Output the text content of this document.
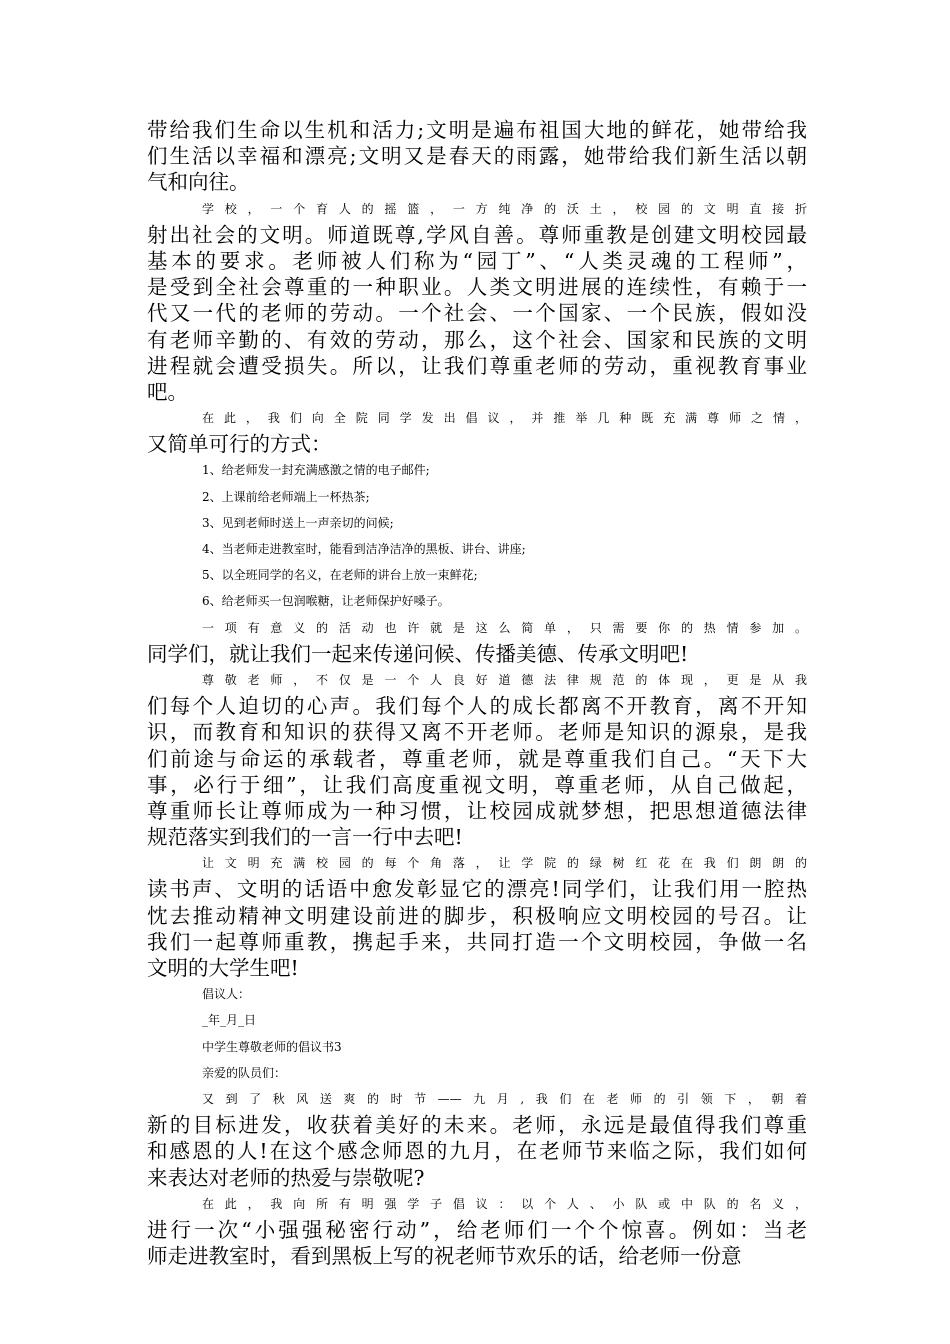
带给我们生命以生机和活力;文明是遍布祖国大地的鲜花，她带给我
们生活以幸福和漂亮;文明又是春天的雨露，她带给我们新生活以朝
气和向往。
学校，一个育人的摇篮，一方纯净的沃土，校园的文明直接折
射出社会的文明。师道既尊,学风自善。尊师重教是创建文明校园最
基本的要求。老师被人们称为“园丁”、“人类灵魂的工程师”，
是受到全社会尊重的一种职业。人类文明进展的连续性，有赖于一
代又一代的老师的劳动。一个社会、一个国家、一个民族，假如没
有老师辛勤的、有效的劳动，那么，这个社会、国家和民族的文明
进程就会遭受损失。所以，让我们尊重老师的劳动，重视教育事业
吧。
在此，我们向全院同学发出倡议，并推举几种既充满尊师之情，
又简单可行的方式：
1、给老师发一封充满感激之情的电子邮件;
2、上课前给老师端上一杯热茶;
3、见到老师时送上一声亲切的问候;
4、当老师走进教室时，能看到洁净洁净的黑板、讲台、讲座;
5、以全班同学的名义，在老师的讲台上放一束鲜花;
6、给老师买一包润喉糖，让老师保护好嗓子。
一项有意义的活动也许就是这么简单，只需要你的热情参加。
同学们，就让我们一起来传递问候、传播美德、传承文明吧!
尊敬老师，不仅是一个人良好道德法律规范的体现，更是从我
们每个人迫切的心声。我们每个人的成长都离不开教育，离不开知
识，而教育和知识的获得又离不开老师。老师是知识的源泉，是我
们前途与命运的承载者，尊重老师，就是尊重我们自己。“天下大
事，必行于细”，让我们高度重视文明，尊重老师，从自己做起，
尊重师长让尊师成为一种习惯，让校园成就梦想，把思想道德法律
规范落实到我们的一言一行中去吧!
让文明充满校园的每个角落，让学院的绿树红花在我们朗朗的
读书声、文明的话语中愈发彰显它的漂亮!同学们，让我们用一腔热
忱去推动精神文明建设前进的脚步，积极响应文明校园的号召。让
我们一起尊师重教，携起手来，共同打造一个文明校园，争做一名
文明的大学生吧!
倡议人：
_年_月_日
中学生尊敬老师的倡议书3
亲爱的队员们：
又到了秋风送爽的时节——九月,我们在老师的引领下，朝着
新的目标进发，收获着美好的未来。老师，永远是最值得我们尊重
和感恩的人!在这个感念师恩的九月，在老师节来临之际，我们如何
来表达对老师的热爱与崇敬呢?
在此，我向所有明强学子倡议：以个人、小队或中队的名义，
进行一次“小强强秘密行动”，给老师们一个个惊喜。例如：当老
师走进教室时，看到黑板上写的祝老师节欢乐的话，给老师一份意
